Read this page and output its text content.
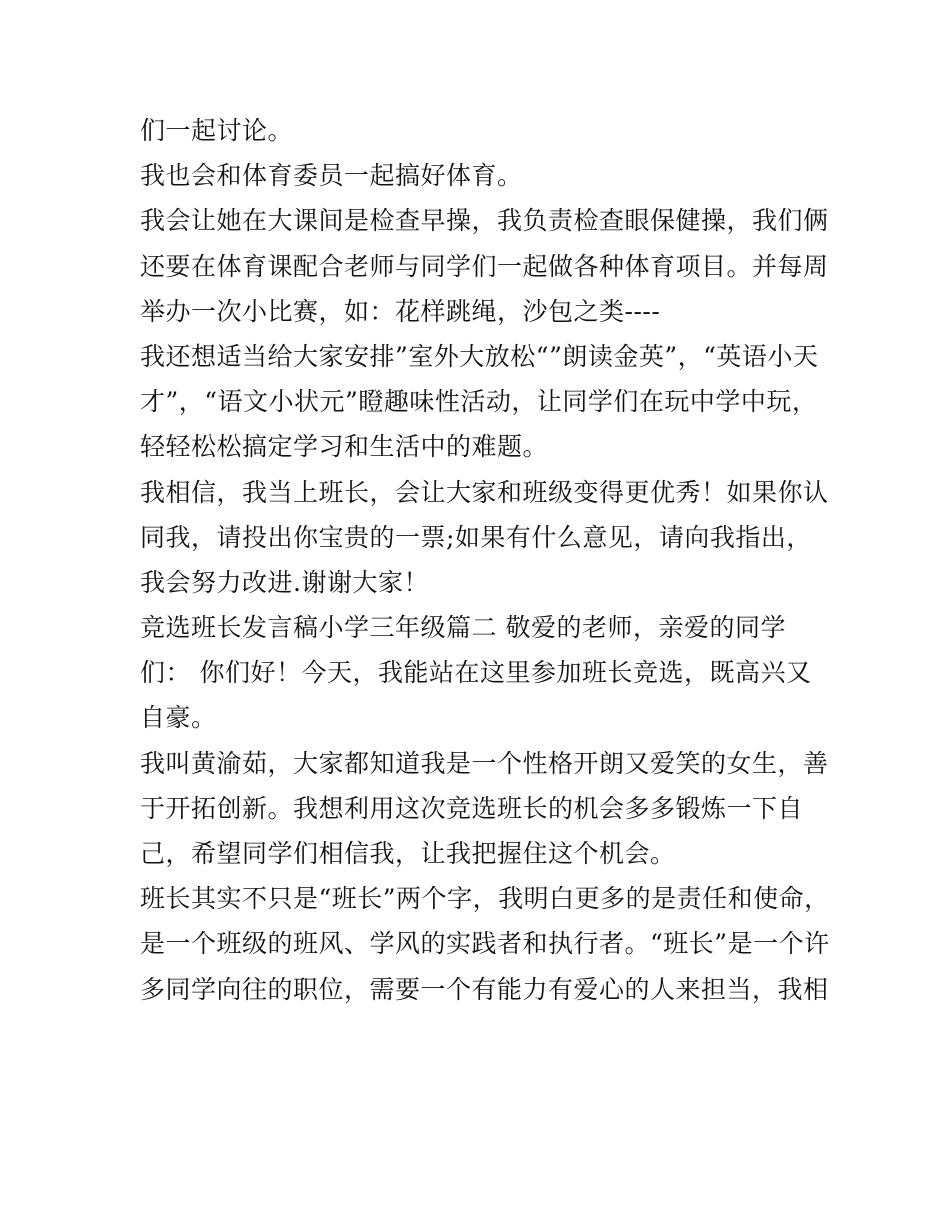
们一起讨论。
我也会和体育委员一起搞好体育。
我会让她在大课间是检查早操，我负责检查眼保健操，我们俩
还要在体育课配合老师与同学们一起做各种体育项目。并每周
举办一次小比赛，如：花样跳绳，沙包之类----
我还想适当给大家安排”室外大放松“”朗读金英”，“英语小天
才”，“语文小状元”瞪趣味性活动，让同学们在玩中学中玩，
轻轻松松搞定学习和生活中的难题。
我相信，我当上班长，会让大家和班级变得更优秀！如果你认
同我，请投出你宝贵的一票;如果有什么意见，请向我指出，
我会努力改进.谢谢大家！
竞选班长发言稿小学三年级篇二 敬爱的老师，亲爱的同学
们： 你们好！今天，我能站在这里参加班长竞选，既高兴又
自豪。
我叫黄渝茹，大家都知道我是一个性格开朗又爱笑的女生，善
于开拓创新。我想利用这次竞选班长的机会多多锻炼一下自
己，希望同学们相信我，让我把握住这个机会。
班长其实不只是“班长”两个字，我明白更多的是责任和使命，
是一个班级的班风、学风的实践者和执行者。“班长”是一个许
多同学向往的职位，需要一个有能力有爱心的人来担当，我相
